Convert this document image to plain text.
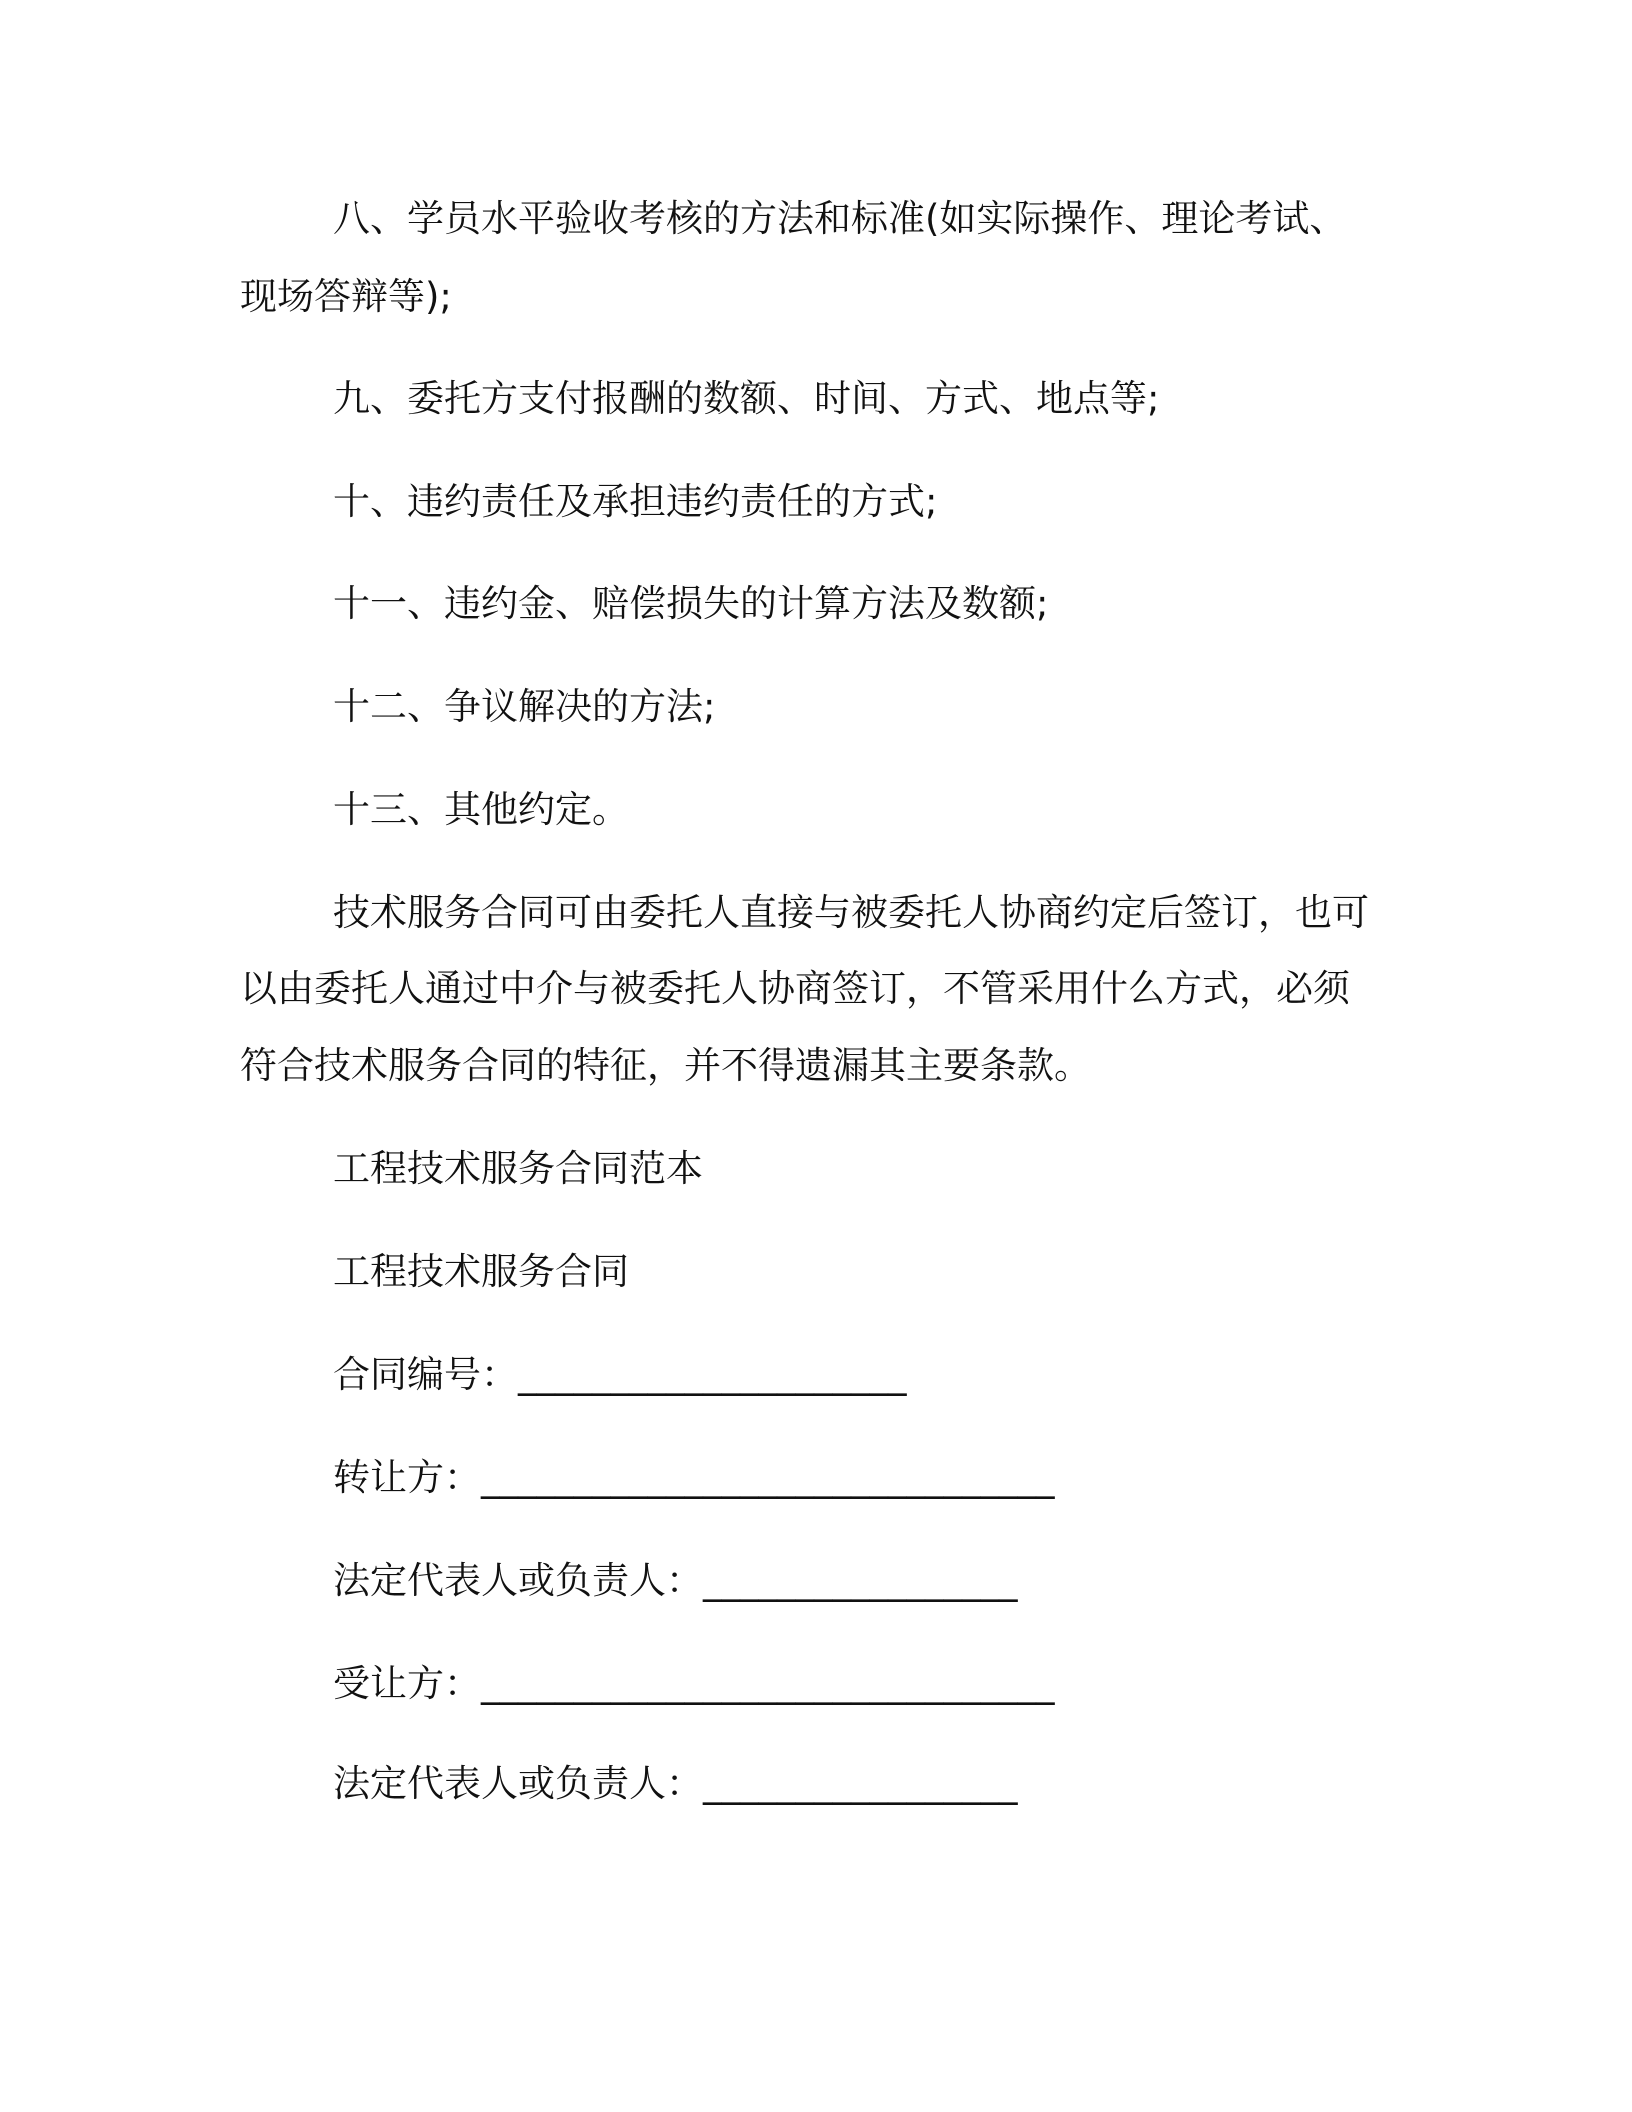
八、学员水平验收考核的方法和标准(如实际操作、理论考试、
现场答辩等);
九、委托方支付报酬的数额、时间、方式、地点等;
十、违约责任及承担违约责任的方式;
十一、违约金、赔偿损失的计算方法及数额;
十二、争议解决的方法;
十三、其他约定。
技术服务合同可由委托人直接与被委托人协商约定后签订，也可
以由委托人通过中介与被委托人协商签订，不管采用什么方式，必须
符合技术服务合同的特征，并不得遗漏其主要条款。
工程技术服务合同范本
工程技术服务合同
合同编号：_____________________
转让方：_______________________________
法定代表人或负责人：_________________
受让方：_______________________________
法定代表人或负责人：_________________
